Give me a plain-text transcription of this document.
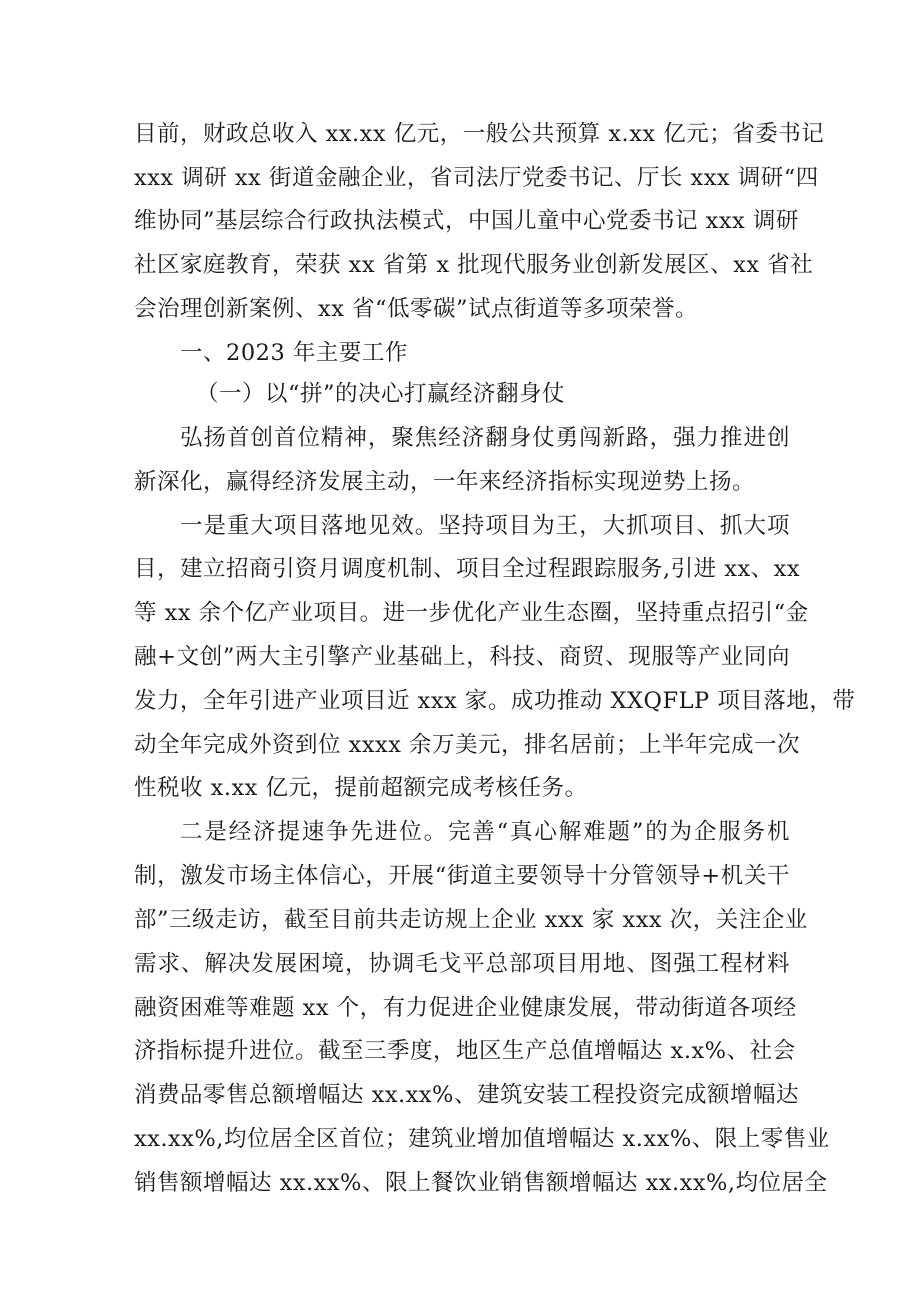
目前，财政总收入 xx.xx 亿元，一般公共预算 x.xx 亿元；省委书记
xxx 调研 xx 街道金融企业，省司法厅党委书记、厅长 xxx 调研“四
维协同”基层综合行政执法模式，中国儿童中心党委书记 xxx 调研
社区家庭教育，荣获 xx 省第 x 批现代服务业创新发展区、xx 省社
会治理创新案例、xx 省“低零碳”试点街道等多项荣誉。
一、2023 年主要工作
（一）以“拼”的决心打赢经济翻身仗
弘扬首创首位精神，聚焦经济翻身仗勇闯新路，强力推进创
新深化，赢得经济发展主动，一年来经济指标实现逆势上扬。
一是重大项目落地见效。坚持项目为王，大抓项目、抓大项
目，建立招商引资月调度机制、项目全过程跟踪服务,引进 xx、xx
等 xx 余个亿产业项目。进一步优化产业生态圈，坚持重点招引“金
融+文创”两大主引擎产业基础上，科技、商贸、现服等产业同向
发力，全年引进产业项目近 xxx 家。成功推动 XXQFLP 项目落地，带
动全年完成外资到位 xxxx 余万美元，排名居前；上半年完成一次
性税收 x.xx 亿元，提前超额完成考核任务。
二是经济提速争先进位。完善“真心解难题”的为企服务机
制，激发市场主体信心，开展“街道主要领导十分管领导+机关干
部”三级走访，截至目前共走访规上企业 xxx 家 xxx 次，关注企业
需求、解决发展困境，协调毛戈平总部项目用地、图强工程材料
融资困难等难题 xx 个，有力促进企业健康发展，带动街道各项经
济指标提升进位。截至三季度，地区生产总值增幅达 x.x%、社会
消费品零售总额增幅达 xx.xx%、建筑安装工程投资完成额增幅达
xx.xx%,均位居全区首位；建筑业增加值增幅达 x.xx%、限上零售业
销售额增幅达 xx.xx%、限上餐饮业销售额增幅达 xx.xx%,均位居全
